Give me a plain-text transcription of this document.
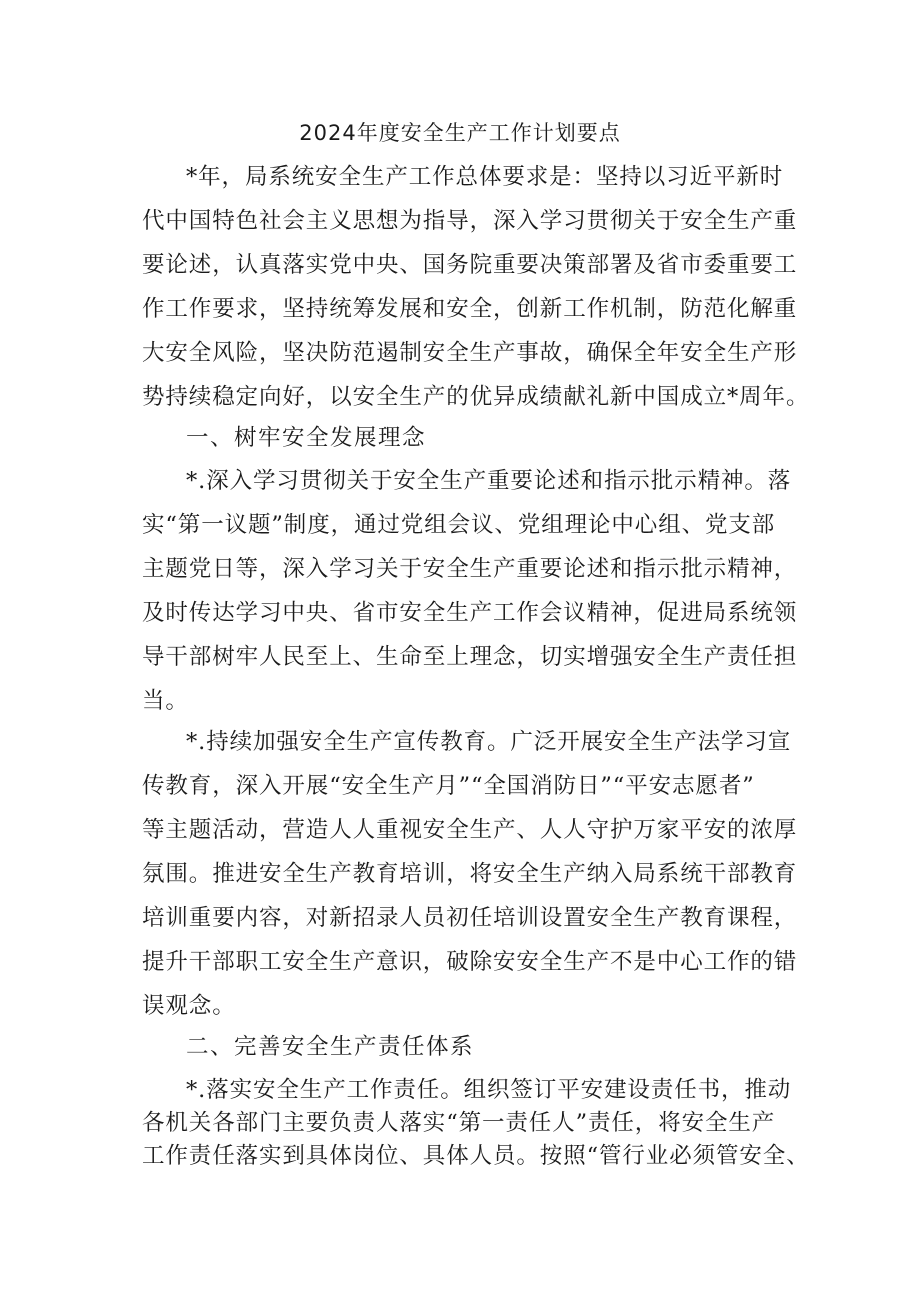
2024年度安全生产工作计划要点
*年，局系统安全生产工作总体要求是：坚持以习近平新时
代中国特色社会主义思想为指导，深入学习贯彻关于安全生产重
要论述，认真落实党中央、国务院重要决策部署及省市委重要工
作工作要求，坚持统筹发展和安全，创新工作机制，防范化解重
大安全风险，坚决防范遏制安全生产事故，确保全年安全生产形
势持续稳定向好，以安全生产的优异成绩献礼新中国成立*周年。
一、树牢安全发展理念
*.深入学习贯彻关于安全生产重要论述和指示批示精神。落
实“第一议题”制度，通过党组会议、党组理论中心组、党支部
主题党日等，深入学习关于安全生产重要论述和指示批示精神，
及时传达学习中央、省市安全生产工作会议精神，促进局系统领
导干部树牢人民至上、生命至上理念，切实增强安全生产责任担
当。
*.持续加强安全生产宣传教育。广泛开展安全生产法学习宣
传教育，深入开展“安全生产月”“全国消防日”“平安志愿者”
等主题活动，营造人人重视安全生产、人人守护万家平安的浓厚
氛围。推进安全生产教育培训，将安全生产纳入局系统干部教育
培训重要内容，对新招录人员初任培训设置安全生产教育课程，
提升干部职工安全生产意识，破除安安全生产不是中心工作的错
误观念。
二、完善安全生产责任体系
*.落实安全生产工作责任。组织签订平安建设责任书，推动
各机关各部门主要负责人落实“第一责任人”责任，将安全生产
工作责任落实到具体岗位、具体人员。按照“管行业必须管安全、
